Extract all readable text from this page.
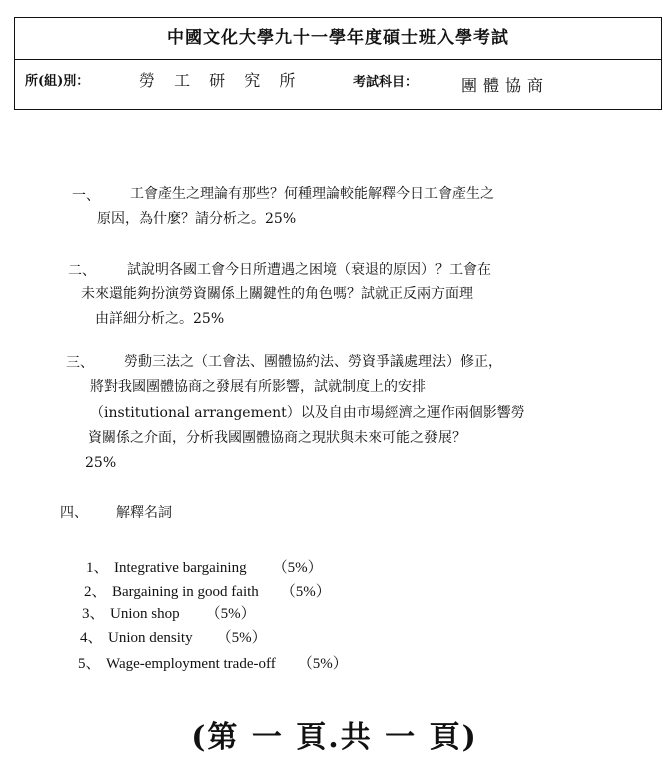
中國文化大學九十一學年度碩士班入學考試
所(組)別：	勞 工 研 究 所	考試科目：	團體協商
一、 工會產生之理論有那些？何種理論較能解釋今日工會產生之
原因，為什麼？請分析之。25%
二、 試說明各國工會今日所遭遇之困境（衰退的原因）？工會在
未來還能夠扮演勞資關係上關鍵性的角色嗎？試就正反兩方面理
由詳細分析之。25%
三、 勞動三法之（工會法、團體協約法、勞資爭議處理法）修正，
將對我國團體協商之發展有所影響，試就制度上的安排
（institutional arrangement）以及自由市場經濟之運作兩個影響勞
資關係之介面，分析我國團體協商之現狀與未來可能之發展？
25%
四、 解釋名詞
1、 Integrative bargaining （5%）
2、 Bargaining in good faith （5%）
3、 Union shop （5%）
4、 Union density （5%）
5、 Wage-employment trade-off （5%）
(第 一 頁.共 一 頁)
